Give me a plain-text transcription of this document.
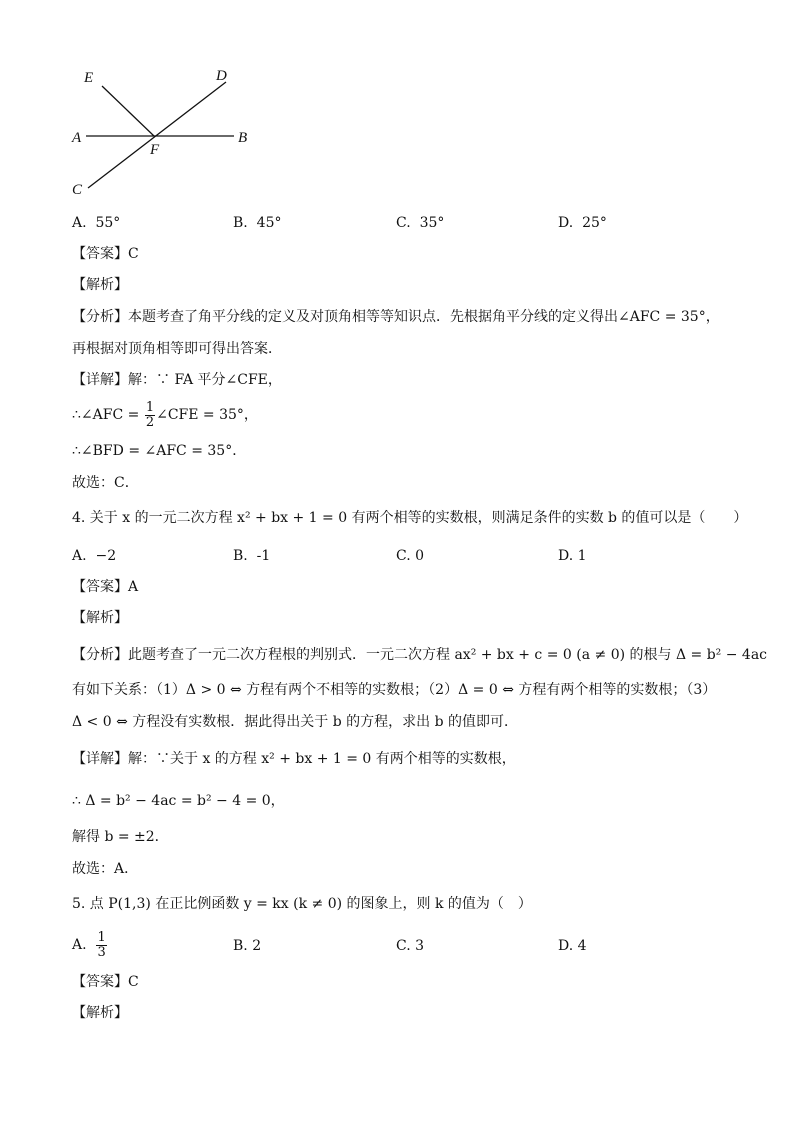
E	D
A
F
B
C
A. 55°	B. 45°	C. 35°	D. 25°
【答案】C
【解析】
【分析】本题考查了角平分线的定义及对顶角相等等知识点．先根据角平分线的定义得出∠AFC = 35°，
再根据对顶角相等即可得出答案．
【详解】解：∵ FA 平分∠CFE，
∴∠AFC = $\frac{1}{2}$ ∠CFE = 35°，
∴∠BFD = ∠AFC = 35°．
故选：C．
4. 关于 x 的一元二次方程 x² + bx + 1 = 0 有两个相等的实数根，则满足条件的实数 b 的值可以是（　　）
A. −2	B. -1	C. 0	D. 1
【答案】A
【解析】
【分析】此题考查了一元二次方程根的判别式．一元二次方程 ax² + bx + c = 0 (a ≠ 0) 的根与 Δ = b² − 4ac
有如下关系：（1）Δ > 0 ⇔ 方程有两个不相等的实数根；（2）Δ = 0 ⇔ 方程有两个相等的实数根；（3）
Δ < 0 ⇔ 方程没有实数根．据此得出关于 b 的方程，求出 b 的值即可．
【详解】解：∵关于 x 的方程 x² + bx + 1 = 0 有两个相等的实数根，
∴ Δ = b² − 4ac = b² − 4 = 0，
解得 b = ±2．
故选：A．
5. 点 P(1,3) 在正比例函数 y = kx (k ≠ 0) 的图象上，则 k 的值为（　）
A. $\frac{1}{3}$	B. 2	C. 3	D. 4
【答案】C
【解析】
